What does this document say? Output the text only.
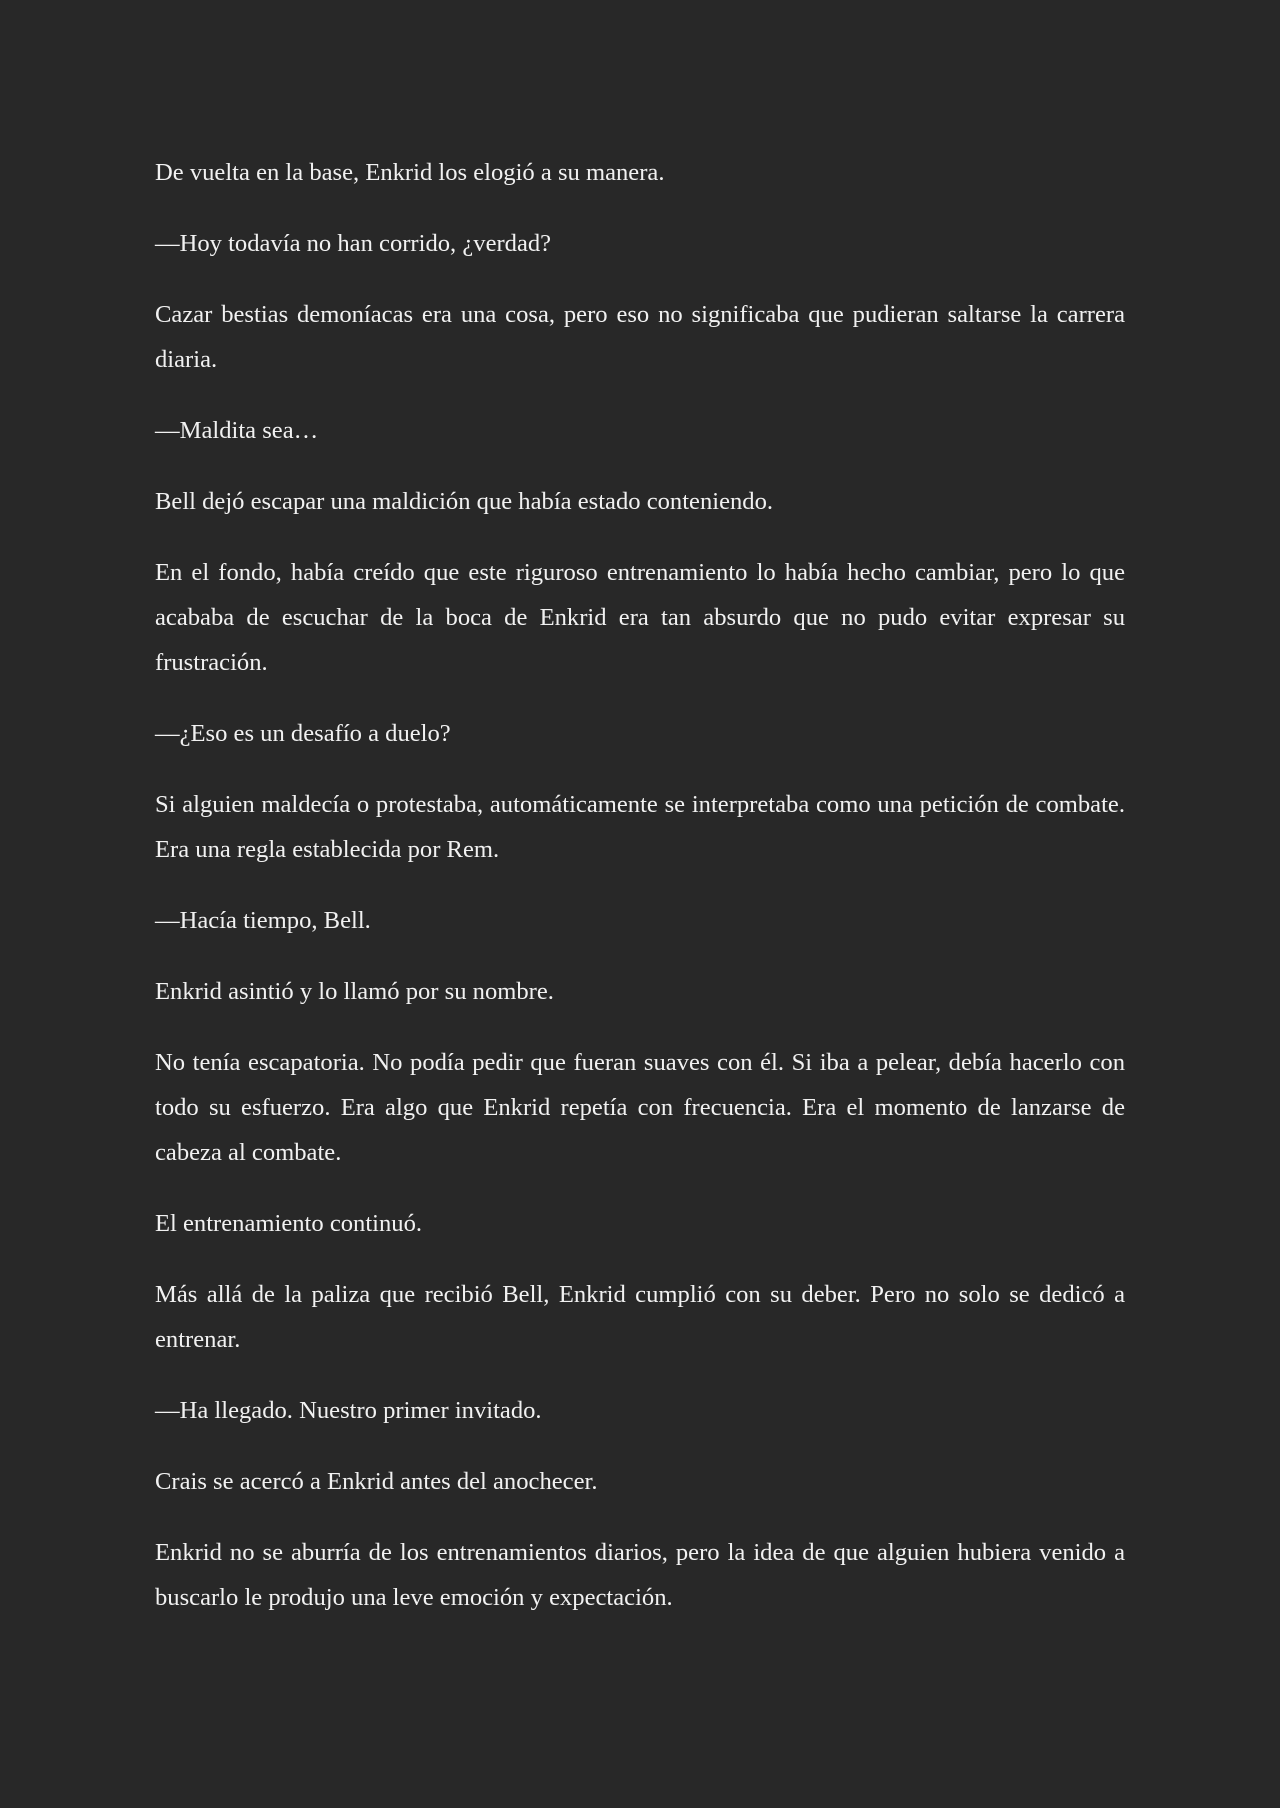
De vuelta en la base, Enkrid los elogió a su manera.

—Hoy todavía no han corrido, ¿verdad?

Cazar bestias demoníacas era una cosa, pero eso no significaba que pudieran saltarse la carrera diaria.

—Maldita sea…

Bell dejó escapar una maldición que había estado conteniendo.

En el fondo, había creído que este riguroso entrenamiento lo había hecho cambiar, pero lo que acababa de escuchar de la boca de Enkrid era tan absurdo que no pudo evitar expresar su frustración.

—¿Eso es un desafío a duelo?

Si alguien maldecía o protestaba, automáticamente se interpretaba como una petición de combate. Era una regla establecida por Rem.

—Hacía tiempo, Bell.

Enkrid asintió y lo llamó por su nombre.

No tenía escapatoria. No podía pedir que fueran suaves con él. Si iba a pelear, debía hacerlo con todo su esfuerzo. Era algo que Enkrid repetía con frecuencia. Era el momento de lanzarse de cabeza al combate.

El entrenamiento continuó.

Más allá de la paliza que recibió Bell, Enkrid cumplió con su deber. Pero no solo se dedicó a entrenar.

—Ha llegado. Nuestro primer invitado.

Crais se acercó a Enkrid antes del anochecer.

Enkrid no se aburría de los entrenamientos diarios, pero la idea de que alguien hubiera venido a buscarlo le produjo una leve emoción y expectación.
